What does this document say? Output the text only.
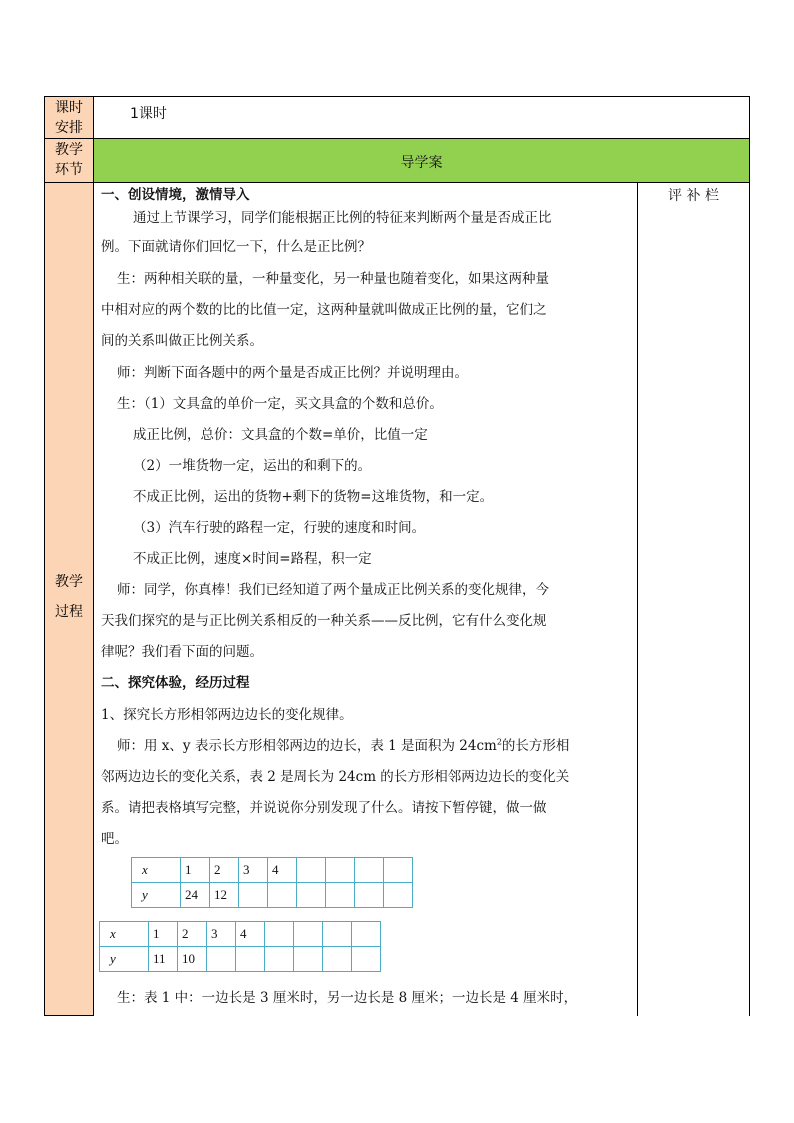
课时
安排
教学
环节
教学
过程
1课时
导学案
评 补 栏
一、创设情境，激情导入
通过上节课学习，同学们能根据正比例的特征来判断两个量是否成正比
例。下面就请你们回忆一下，什么是正比例？
生：两种相关联的量，一种量变化，另一种量也随着变化，如果这两种量
中相对应的两个数的比的比值一定，这两种量就叫做成正比例的量，它们之
间的关系叫做正比例关系。
师：判断下面各题中的两个量是否成正比例？并说明理由。
生：（1）文具盒的单价一定，买文具盒的个数和总价。
成正比例，总价：文具盒的个数=单价，比值一定
（2）一堆货物一定，运出的和剩下的。
不成正比例，运出的货物+剩下的货物=这堆货物，和一定。
（3）汽车行驶的路程一定，行驶的速度和时间。
不成正比例，速度×时间=路程，积一定
师：同学，你真棒！我们已经知道了两个量成正比例关系的变化规律，今
天我们探究的是与正比例关系相反的一种关系——反比例，它有什么变化规
律呢？我们看下面的问题。
二、探究体验，经历过程
1、探究长方形相邻两边边长的变化规律。
师：用 x、y 表示长方形相邻两边的边长，表 1 是面积为 $24cm^2$的长方形相
邻两边边长的变化关系，表 2 是周长为 24cm 的长方形相邻两边边长的变化关
系。请把表格填写完整，并说说你分别发现了什么。请按下暂停键，做一做
吧。
x	1	2	3	4				
y	24	12						
x	1	2	3	4				
y	11	10						
生：表 1 中：一边长是 3 厘米时，另一边长是 8 厘米；一边长是 4 厘米时，
